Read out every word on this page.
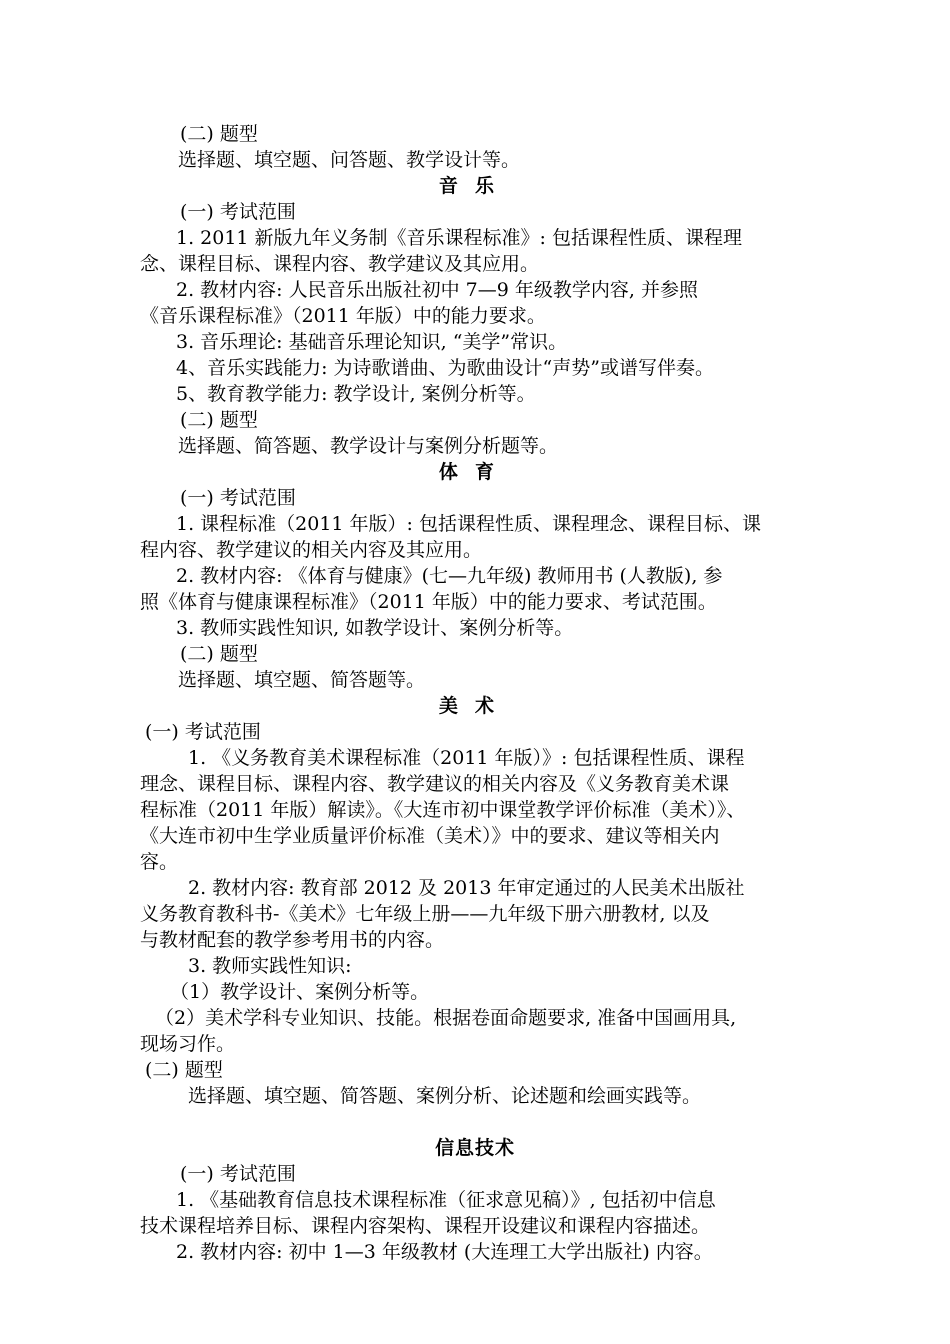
(二) 题型
选择题、填空题、问答题、教学设计等。
音乐
(一) 考试范围
1. 2011 新版九年义务制《音乐课程标准》: 包括课程性质、课程理
念、课程目标、课程内容、教学建议及其应用。
2. 教材内容: 人民音乐出版社初中 7—9 年级教学内容, 并参照
《音乐课程标准》（2011 年版）中的能力要求。
3. 音乐理论: 基础音乐理论知识, “美学”常识。
4、音乐实践能力: 为诗歌谱曲、为歌曲设计“声势”或谱写伴奏。
5、教育教学能力: 教学设计, 案例分析等。
(二) 题型
选择题、简答题、教学设计与案例分析题等。
体育
(一) 考试范围
1. 课程标准（2011 年版）: 包括课程性质、课程理念、课程目标、课
程内容、教学建议的相关内容及其应用。
2. 教材内容: 《体育与健康》(七—九年级) 教师用书 (人教版), 参
照《体育与健康课程标准》（2011 年版）中的能力要求、考试范围。
3. 教师实践性知识, 如教学设计、案例分析等。
(二) 题型
选择题、填空题、简答题等。
美术
(一) 考试范围
1. 《义务教育美术课程标准（2011 年版）》: 包括课程性质、课程
理念、课程目标、课程内容、教学建议的相关内容及《义务教育美术课
程标准（2011 年版）解读》。《大连市初中课堂教学评价标准（美术）》、
《大连市初中生学业质量评价标准（美术）》中的要求、建议等相关内
容。
2. 教材内容: 教育部 2012 及 2013 年审定通过的人民美术出版社
义务教育教科书-《美术》七年级上册——九年级下册六册教材, 以及
与教材配套的教学参考用书的内容。
3. 教师实践性知识:
（1）教学设计、案例分析等。
（2）美术学科专业知识、技能。根据卷面命题要求, 准备中国画用具,
现场习作。
(二) 题型
选择题、填空题、简答题、案例分析、论述题和绘画实践等。
信息技术
(一) 考试范围
1. 《基础教育信息技术课程标准（征求意见稿）》, 包括初中信息
技术课程培养目标、课程内容架构、课程开设建议和课程内容描述。
2. 教材内容: 初中 1—3 年级教材 (大连理工大学出版社) 内容。
